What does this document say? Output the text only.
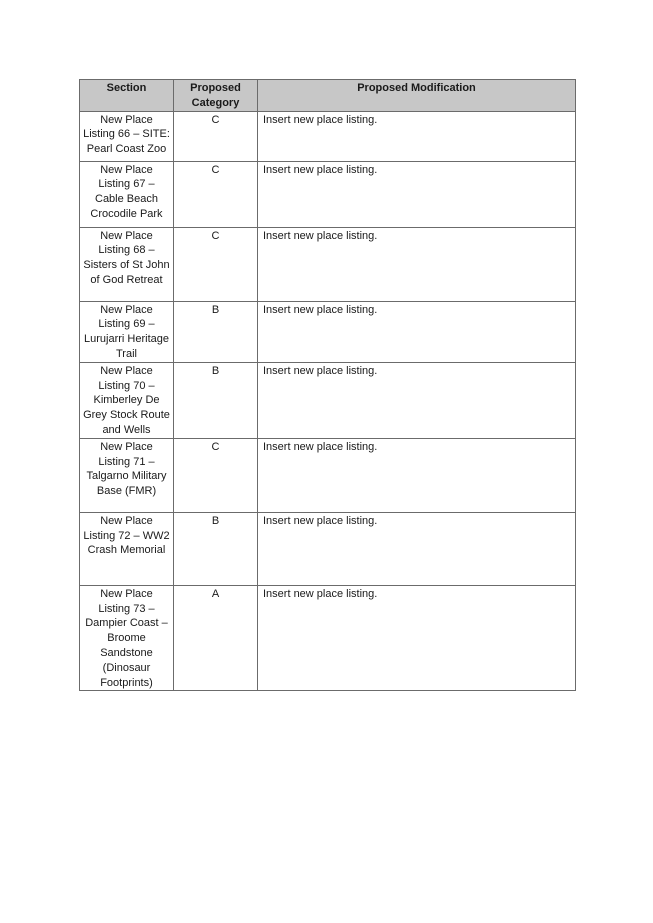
Section	Proposed Category	Proposed Modification
New Place Listing 66 – SITE: Pearl Coast Zoo	C	Insert new place listing.
New Place Listing 67 – Cable Beach Crocodile Park	C	Insert new place listing.
New Place Listing 68 – Sisters of St John of God Retreat	C	Insert new place listing.
New Place Listing 69 – Lurujarri Heritage Trail	B	Insert new place listing.
New Place Listing 70 – Kimberley De Grey Stock Route and Wells	B	Insert new place listing.
New Place Listing 71 – Talgarno Military Base (FMR)	C	Insert new place listing.
New Place Listing 72 – WW2 Crash Memorial	B	Insert new place listing.
New Place Listing 73 – Dampier Coast – Broome Sandstone (Dinosaur Footprints)	A	Insert new place listing.
